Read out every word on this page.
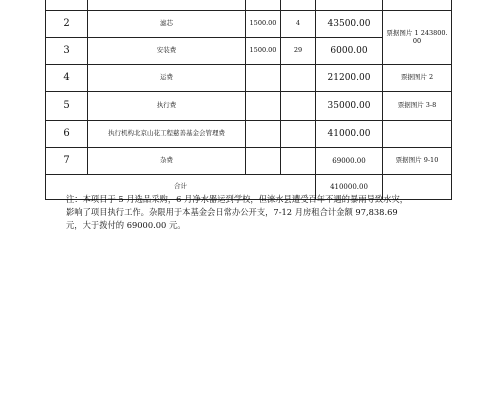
2	滤芯	1500.00	4	43500.00	票据图片 1 243800.00
3	安装费	1500.00	29	6000.00	
4	运费			21200.00	票据图片 2
5	执行费			35000.00	票据图片 3-8
6	执行机构北京山花工程慈善基金会管理费			41000.00	
7	杂费			69000.00	票据图片 9-10
合计				410000.00	
注：本项目于 5 月选品采购，6 月净水器运到学校，但淶水县遭受百年不遇的暴雨导致水灾，影响了项目执行工作。杂限用于本基金会日常办公开支，7-12 月房租合计金额 97,838.69 元，大于拨付的 69000.00 元。
